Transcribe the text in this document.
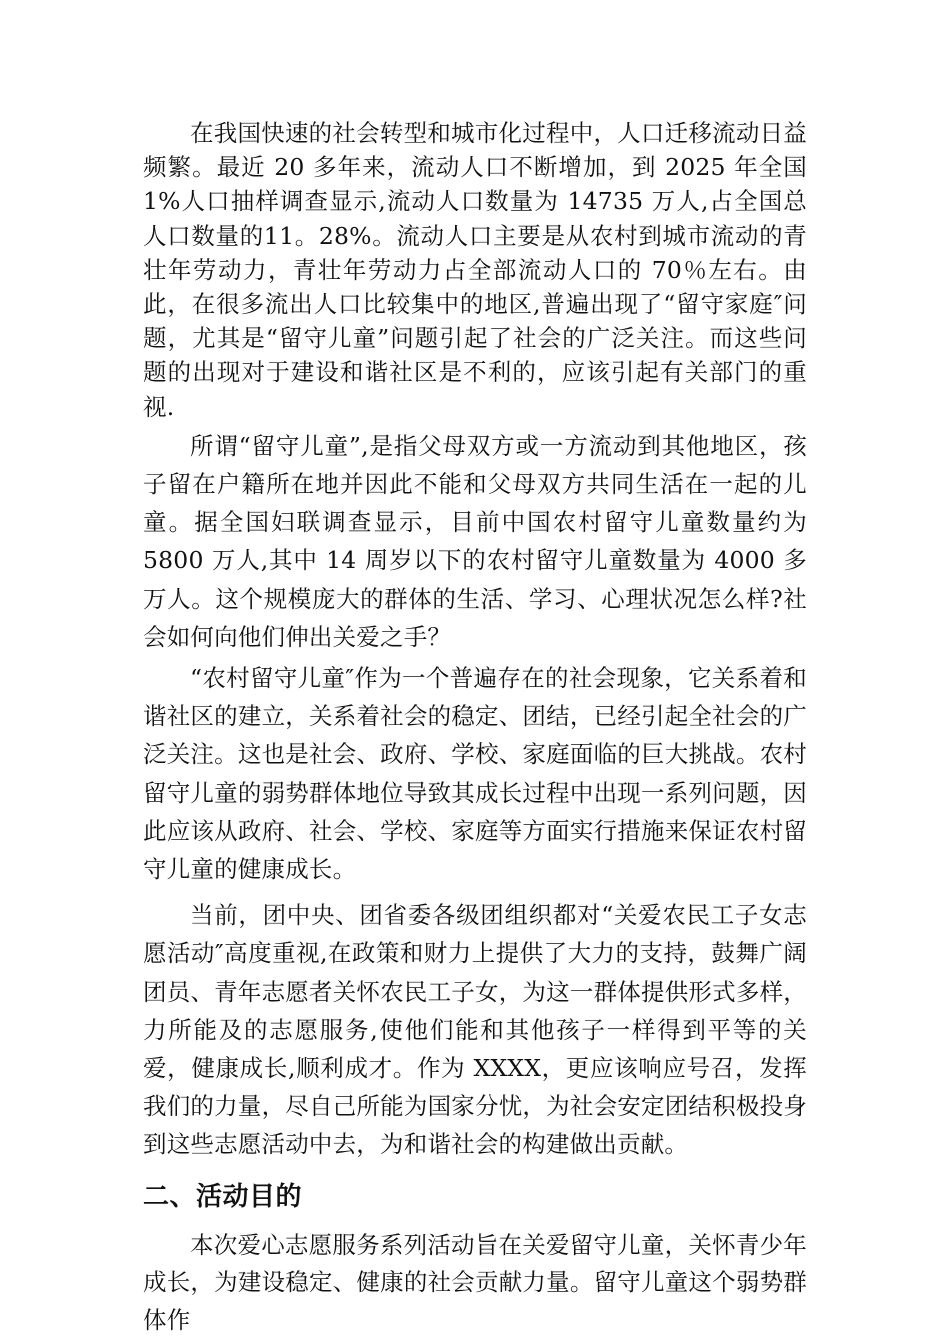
在我国快速的社会转型和城市化过程中，人口迁移流动日益频繁。最近 20 多年来，流动人口不断增加，到 2025 年全国 1%人口抽样调查显示,流动人口数量为 14735 万人,占全国总人口数量的11。28%。流动人口主要是从农村到城市流动的青壮年劳动力，青壮年劳动力占全部流动人口的 70％左右。由此，在很多流出人口比较集中的地区,普遍出现了“留守家庭″问题，尤其是“留守儿童”问题引起了社会的广泛关注。而这些问题的出现对于建设和谐社区是不利的，应该引起有关部门的重视.

所谓“留守儿童”,是指父母双方或一方流动到其他地区，孩子留在户籍所在地并因此不能和父母双方共同生活在一起的儿童。据全国妇联调查显示，目前中国农村留守儿童数量约为 5800 万人,其中 14 周岁以下的农村留守儿童数量为 4000 多万人。这个规模庞大的群体的生活、学习、心理状况怎么样?社会如何向他们伸出关爱之手？

“农村留守儿童″作为一个普遍存在的社会现象，它关系着和谐社区的建立，关系着社会的稳定、团结，已经引起全社会的广泛关注。这也是社会、政府、学校、家庭面临的巨大挑战。农村留守儿童的弱势群体地位导致其成长过程中出现一系列问题，因此应该从政府、社会、学校、家庭等方面实行措施来保证农村留守儿童的健康成长。

当前，团中央、团省委各级团组织都对“关爱农民工子女志愿活动″高度重视,在政策和财力上提供了大力的支持，鼓舞广阔团员、青年志愿者关怀农民工子女，为这一群体提供形式多样，力所能及的志愿服务,使他们能和其他孩子一样得到平等的关爱，健康成长,顺利成才。作为 XXXX，更应该响应号召，发挥我们的力量，尽自己所能为国家分忧，为社会安定团结积极投身到这些志愿活动中去，为和谐社会的构建做出贡献。

二、活动目的

本次爱心志愿服务系列活动旨在关爱留守儿童，关怀青少年成长，为建设稳定、健康的社会贡献力量。留守儿童这个弱势群体作
